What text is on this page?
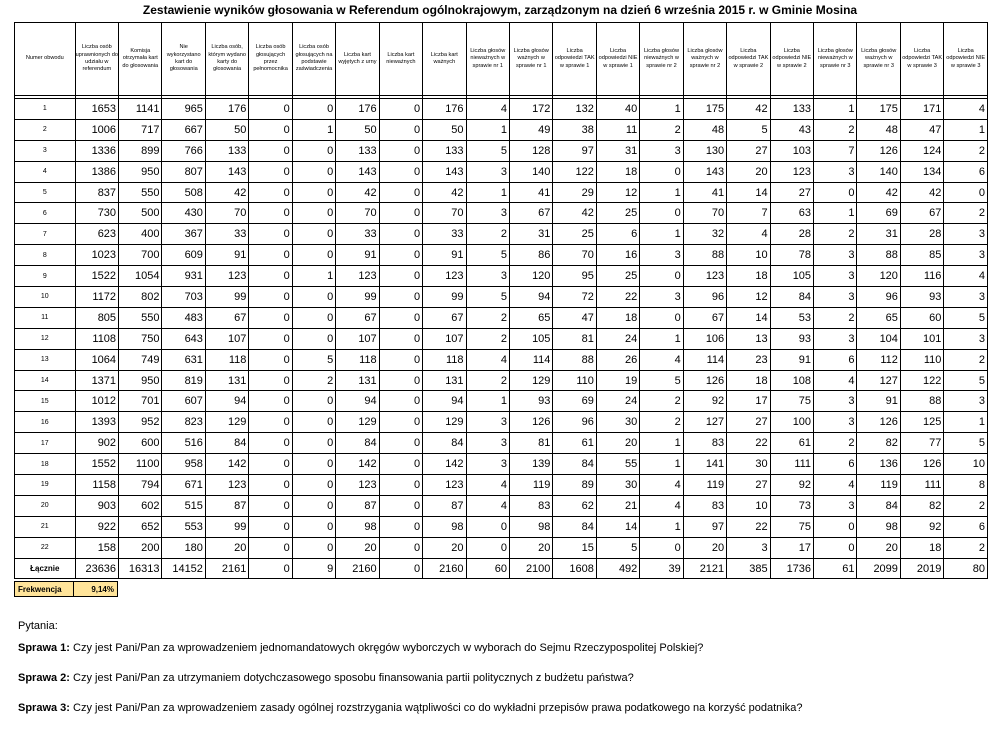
Zestawienie wyników głosowania w Referendum ogólnokrajowym, zarządzonym na dzień 6 września 2015 r. w Gminie Mosina
Numer obwodu	Liczba osób uprawnionych do udziału w referendum	Komisja otrzymała kart do głosowania	Nie wykorzystano kart do głosowania	Liczba osób, którym wydano karty do głosowania	Liczba osób głosujących przez pełnomocnika	Liczba osób głosujących na podstawie zaświadczenia	Liczba kart wyjętych z urny	Liczba kart nieważnych	Liczba kart ważnych	Liczba głosów nieważnych w sprawie nr 1	Liczba głosów ważnych w sprawie nr 1	Liczba odpowiedzi TAK w sprawie 1	Liczba odpowiedzi NIE w sprawie 1	Liczba głosów nieważnych w sprawie nr 2	Liczba głosów ważnych w sprawie nr 2	Liczba odpowiedzi TAK w sprawie 2	Liczba odpowiedzi NIE w sprawie 2	Liczba głosów nieważnych w sprawie nr 3	Liczba głosów ważnych w sprawie nr 3	Liczba odpowiedzi TAK w sprawie 3	Liczba odpowiedzi NIE w sprawie 3

1	1653	1141	965	176	0	0	176	0	176	4	172	132	40	1	175	42	133	1	175	171	4
2	1006	717	667	50	0	1	50	0	50	1	49	38	11	2	48	5	43	2	48	47	1
3	1336	899	766	133	0	0	133	0	133	5	128	97	31	3	130	27	103	7	126	124	2
4	1386	950	807	143	0	0	143	0	143	3	140	122	18	0	143	20	123	3	140	134	6
5	837	550	508	42	0	0	42	0	42	1	41	29	12	1	41	14	27	0	42	42	0
6	730	500	430	70	0	0	70	0	70	3	67	42	25	0	70	7	63	1	69	67	2
7	623	400	367	33	0	0	33	0	33	2	31	25	6	1	32	4	28	2	31	28	3
8	1023	700	609	91	0	0	91	0	91	5	86	70	16	3	88	10	78	3	88	85	3
9	1522	1054	931	123	0	1	123	0	123	3	120	95	25	0	123	18	105	3	120	116	4
10	1172	802	703	99	0	0	99	0	99	5	94	72	22	3	96	12	84	3	96	93	3
11	805	550	483	67	0	0	67	0	67	2	65	47	18	0	67	14	53	2	65	60	5
12	1108	750	643	107	0	0	107	0	107	2	105	81	24	1	106	13	93	3	104	101	3
13	1064	749	631	118	0	5	118	0	118	4	114	88	26	4	114	23	91	6	112	110	2
14	1371	950	819	131	0	2	131	0	131	2	129	110	19	5	126	18	108	4	127	122	5
15	1012	701	607	94	0	0	94	0	94	1	93	69	24	2	92	17	75	3	91	88	3
16	1393	952	823	129	0	0	129	0	129	3	126	96	30	2	127	27	100	3	126	125	1
17	902	600	516	84	0	0	84	0	84	3	81	61	20	1	83	22	61	2	82	77	5
18	1552	1100	958	142	0	0	142	0	142	3	139	84	55	1	141	30	111	6	136	126	10
19	1158	794	671	123	0	0	123	0	123	4	119	89	30	4	119	27	92	4	119	111	8
20	903	602	515	87	0	0	87	0	87	4	83	62	21	4	83	10	73	3	84	82	2
21	922	652	553	99	0	0	98	0	98	0	98	84	14	1	97	22	75	0	98	92	6
22	158	200	180	20	0	0	20	0	20	0	20	15	5	0	20	3	17	0	20	18	2
Łącznie	23636	16313	14152	2161	0	9	2160	0	2160	60	2100	1608	492	39	2121	385	1736	61	2099	2019	80
Frekwencja	9,14%

Pytania:

Sprawa 1: Czy jest Pani/Pan za wprowadzeniem jednomandatowych okręgów wyborczych w wyborach do Sejmu Rzeczypospolitej Polskiej?

Sprawa 2: Czy jest Pani/Pan za utrzymaniem dotychczasowego sposobu finansowania partii politycznych z budżetu państwa?

Sprawa 3: Czy jest Pani/Pan za wprowadzeniem zasady ogólnej rozstrzygania wątpliwości co do wykładni przepisów prawa podatkowego na korzyść podatnika?
